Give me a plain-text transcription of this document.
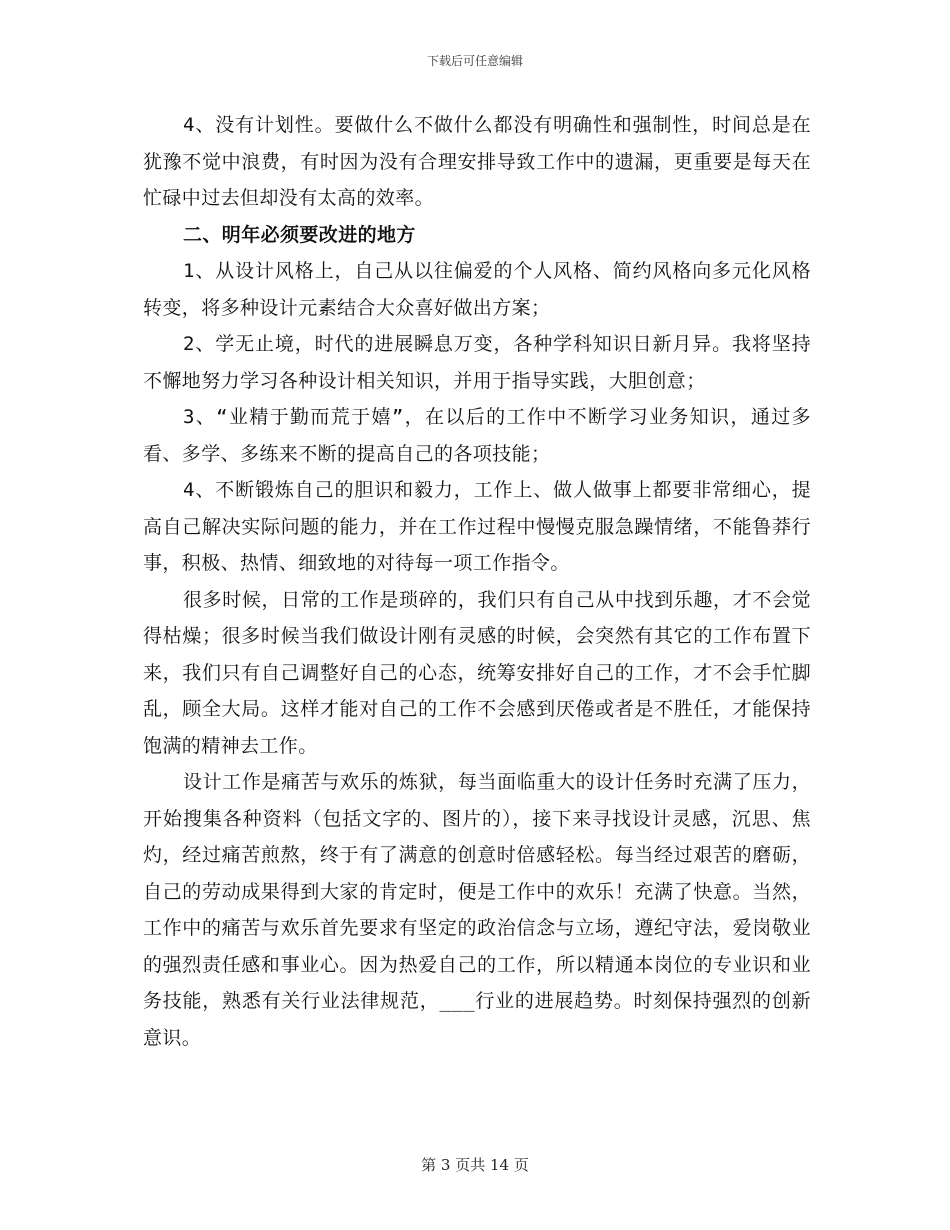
下载后可任意编辑

4、没有计划性。要做什么不做什么都没有明确性和强制性，时间总是在犹豫不觉中浪费，有时因为没有合理安排导致工作中的遗漏，更重要是每天在忙碌中过去但却没有太高的效率。

二、明年必须要改进的地方

1、从设计风格上，自己从以往偏爱的个人风格、简约风格向多元化风格转变，将多种设计元素结合大众喜好做出方案；

2、学无止境，时代的进展瞬息万变，各种学科知识日新月异。我将坚持不懈地努力学习各种设计相关知识，并用于指导实践，大胆创意；

3、“业精于勤而荒于嬉”，在以后的工作中不断学习业务知识，通过多看、多学、多练来不断的提高自己的各项技能；

4、不断锻炼自己的胆识和毅力，工作上、做人做事上都要非常细心，提高自己解决实际问题的能力，并在工作过程中慢慢克服急躁情绪，不能鲁莽行事，积极、热情、细致地的对待每一项工作指令。

很多时候，日常的工作是琐碎的，我们只有自己从中找到乐趣，才不会觉得枯燥；很多时候当我们做设计刚有灵感的时候，会突然有其它的工作布置下来，我们只有自己调整好自己的心态，统筹安排好自己的工作，才不会手忙脚乱，顾全大局。这样才能对自己的工作不会感到厌倦或者是不胜任，才能保持饱满的精神去工作。

设计工作是痛苦与欢乐的炼狱，每当面临重大的设计任务时充满了压力，开始搜集各种资料（包括文字的、图片的），接下来寻找设计灵感，沉思、焦灼，经过痛苦煎熬，终于有了满意的创意时倍感轻松。每当经过艰苦的磨砺，自己的劳动成果得到大家的肯定时，便是工作中的欢乐！充满了快意。当然，工作中的痛苦与欢乐首先要求有坚定的政治信念与立场，遵纪守法，爱岗敬业的强烈责任感和事业心。因为热爱自己的工作，所以精通本岗位的专业识和业务技能，熟悉有关行业法律规范，___行业的进展趋势。时刻保持强烈的创新意识。

第 3 页共 14 页
